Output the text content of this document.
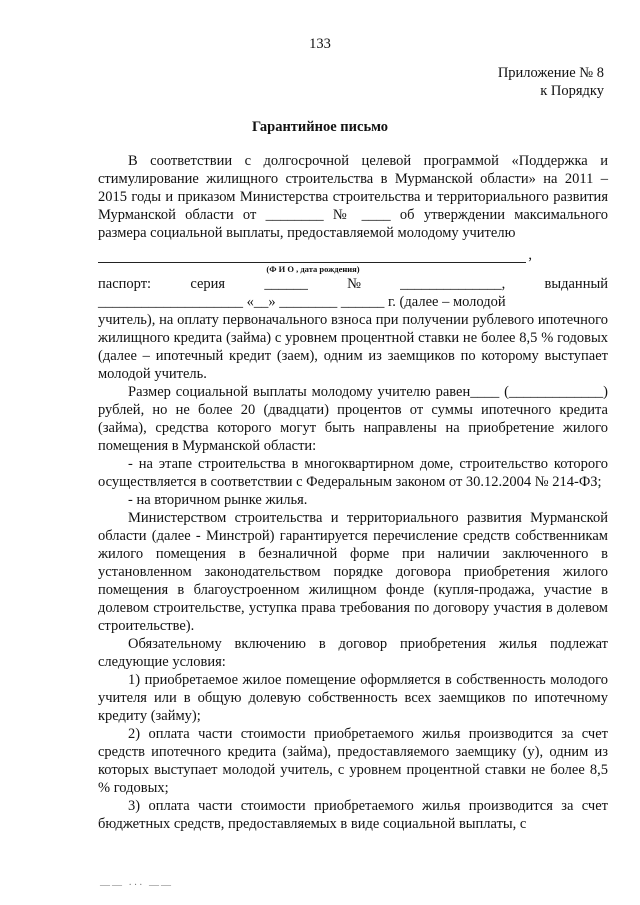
133
Приложение № 8
к Порядку
Гарантийное письмо

В соответствии с долгосрочной целевой программой «Поддержка и стимулирование жилищного строительства в Мурманской области» на 2011 – 2015 годы и приказом Министерства строительства и территориального развития Мурманской области от ________ № ____ об утверждении максимального размера социальной выплаты, предоставляемой молодому учителю

,
(Ф И О , дата рождения)
паспорт:	серия	______	№	______________,	выданный

____________________ «__» ________ ______ г. (далее – молодой

учитель), на оплату первоначального взноса при получении рублевого ипотечного жилищного кредита (займа) с уровнем процентной ставки не более 8,5 % годовых (далее – ипотечный кредит (заем), одним из заемщиков по которому выступает молодой учитель.

Размер социальной выплаты молодому учителю равен____ (_____________) рублей, но не более 20 (двадцати) процентов от суммы ипотечного кредита (займа), средства которого могут быть направлены на приобретение жилого помещения в Мурманской области:

- на этапе строительства в многоквартирном доме, строительство которого осуществляется в соответствии с Федеральным законом от 30.12.2004 № 214-ФЗ;

- на вторичном рынке жилья.

Министерством строительства и территориального развития Мурманской области (далее - Минстрой) гарантируется перечисление средств собственникам жилого помещения в безналичной форме при наличии заключенного в установленном законодательством порядке договора приобретения жилого помещения в благоустроенном жилищном фонде (купля-продажа, участие в долевом строительстве, уступка права требования по договору участия в долевом строительстве).

Обязательному включению в договор приобретения жилья подлежат следующие условия:

1) приобретаемое жилое помещение оформляется в собственность молодого учителя или в общую долевую собственность всех заемщиков по ипотечному кредиту (займу);

2) оплата части стоимости приобретаемого жилья производится за счет средств ипотечного кредита (займа), предоставляемого заемщику (у), одним из которых выступает молодой учитель, с уровнем процентной ставки не более 8,5 % годовых;

3) оплата части стоимости приобретаемого жилья производится за счет бюджетных средств, предоставляемых в виде социальной выплаты, с

—— ··· ——
